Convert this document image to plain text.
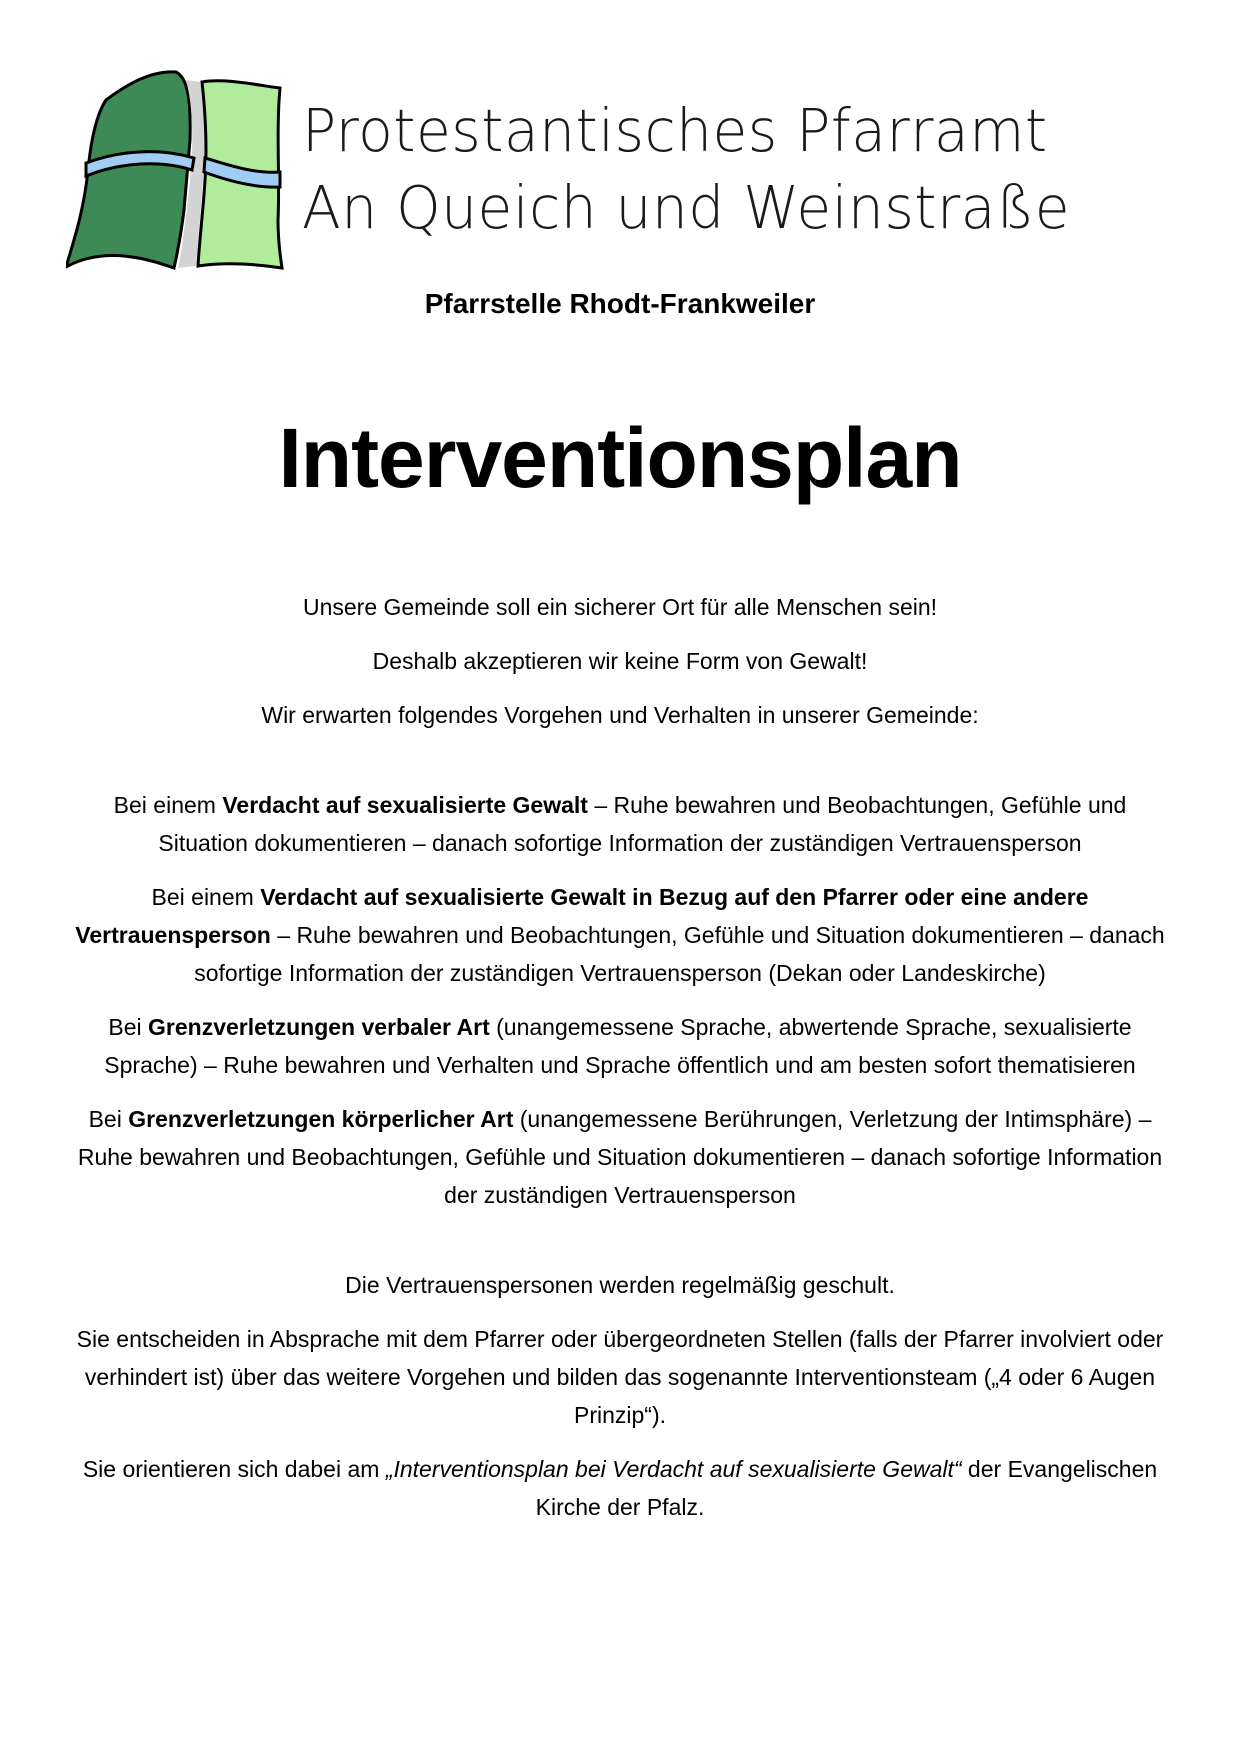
Protestantisches Pfarramt
An Queich und Weinstraße
Pfarrstelle Rhodt-Frankweiler
Interventionsplan

Unsere Gemeinde soll ein sicherer Ort für alle Menschen sein!

Deshalb akzeptieren wir keine Form von Gewalt!

Wir erwarten folgendes Vorgehen und Verhalten in unserer Gemeinde:

Bei einem Verdacht auf sexualisierte Gewalt – Ruhe bewahren und Beobachtungen, Gefühle und Situation dokumentieren – danach sofortige Information der zuständigen Vertrauensperson

Bei einem Verdacht auf sexualisierte Gewalt in Bezug auf den Pfarrer oder eine andere Vertrauensperson – Ruhe bewahren und Beobachtungen, Gefühle und Situation dokumentieren – danach sofortige Information der zuständigen Vertrauensperson (Dekan oder Landeskirche)

Bei Grenzverletzungen verbaler Art (unangemessene Sprache, abwertende Sprache, sexualisierte Sprache) – Ruhe bewahren und Verhalten und Sprache öffentlich und am besten sofort thematisieren

Bei Grenzverletzungen körperlicher Art (unangemessene Berührungen, Verletzung der Intimsphäre) – Ruhe bewahren und Beobachtungen, Gefühle und Situation dokumentieren – danach sofortige Information der zuständigen Vertrauensperson

Die Vertrauenspersonen werden regelmäßig geschult.

Sie entscheiden in Absprache mit dem Pfarrer oder übergeordneten Stellen (falls der Pfarrer involviert oder verhindert ist) über das weitere Vorgehen und bilden das sogenannte Interventionsteam („4 oder 6 Augen Prinzip“).

Sie orientieren sich dabei am „Interventionsplan bei Verdacht auf sexualisierte Gewalt“ der Evangelischen Kirche der Pfalz.
